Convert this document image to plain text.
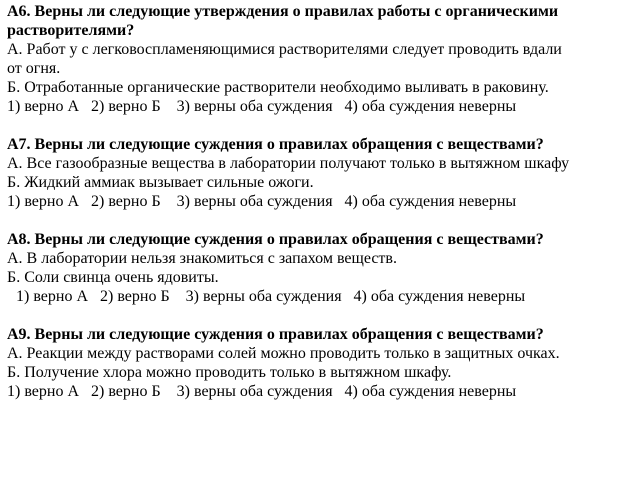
А6. Верны ли следующие утверждения о правилах работы с органическими
растворителями?
А. Работ у с легковоспламеняющимися растворителями следует проводить вдали
от огня.
Б. Отработанные органические растворители необходимо выливать в раковину.
1) верно А   2) верно Б    3) верны оба суждения   4) оба суждения неверны
А7. Верны ли следующие суждения о правилах обращения с веществами?
А. Все газообразные вещества в лаборатории получают только в вытяжном шкафу
Б. Жидкий аммиак вызывает сильные ожоги.
1) верно А   2) верно Б    3) верны оба суждения   4) оба суждения неверны
А8. Верны ли следующие суждения о правилах обращения с веществами?
А. В лаборатории нельзя знакомиться с запахом веществ.
Б. Соли свинца очень ядовиты.
1) верно А   2) верно Б    3) верны оба суждения   4) оба суждения неверны
А9. Верны ли следующие суждения о правилах обращения с веществами?
А. Реакции между растворами солей можно проводить только в защитных очках.
Б. Получение хлора можно проводить только в вытяжном шкафу.
1) верно А   2) верно Б    3) верны оба суждения   4) оба суждения неверны
